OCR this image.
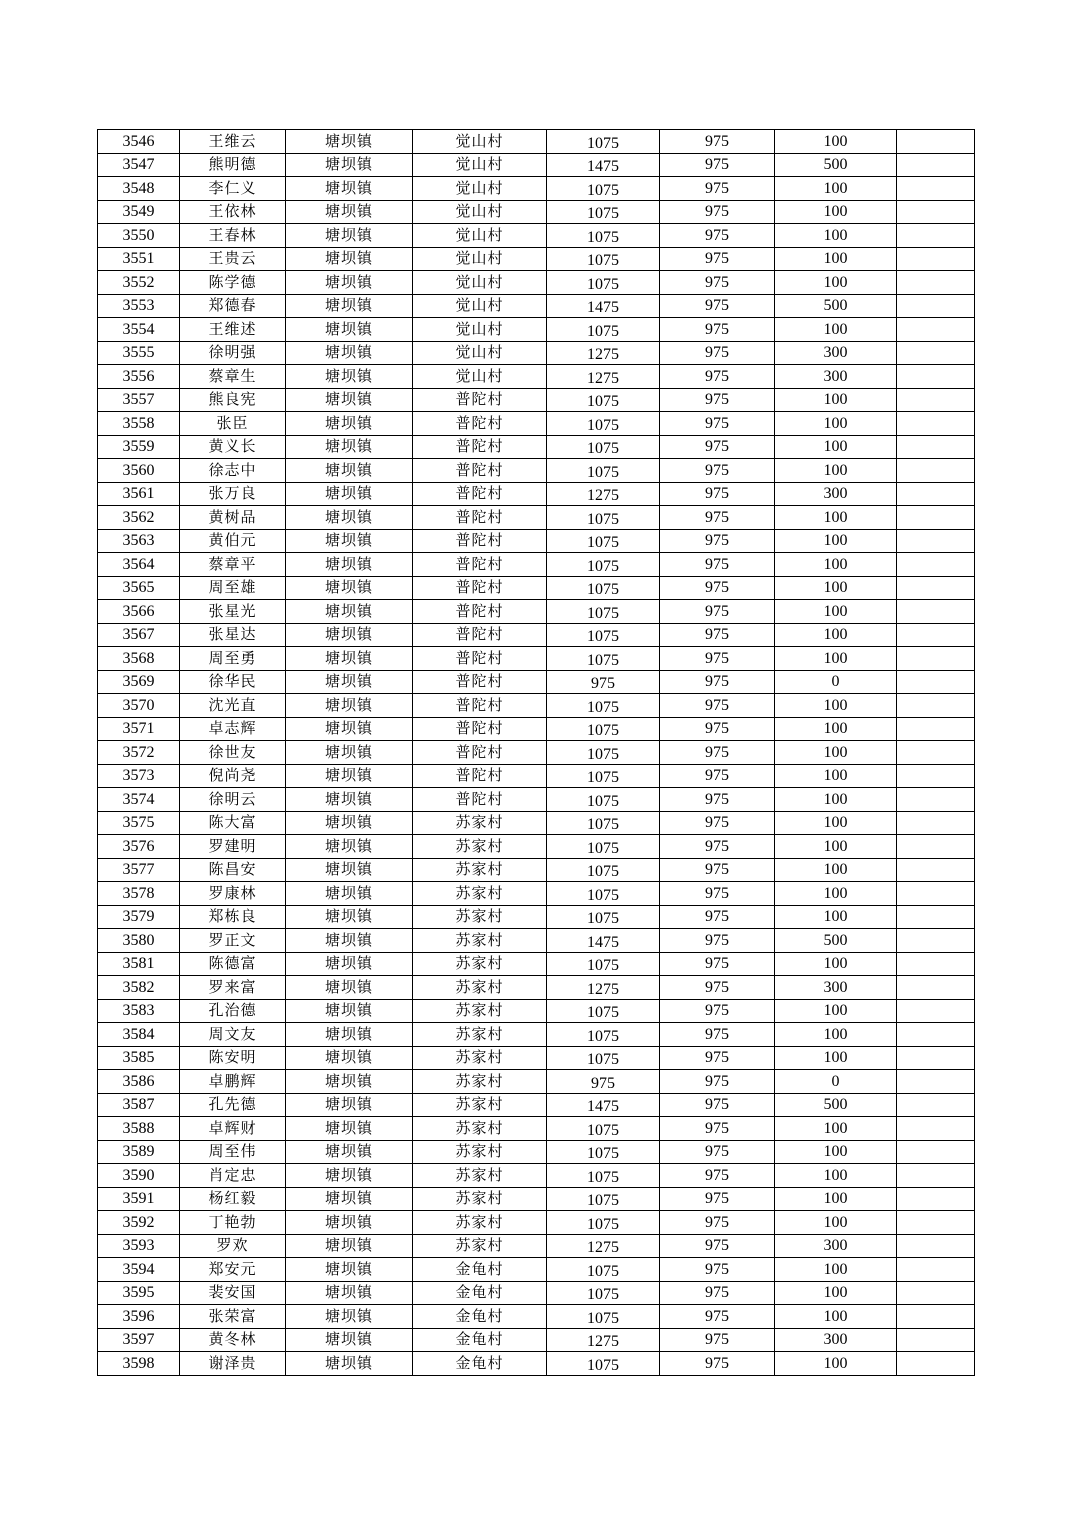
3546	王维云	塘坝镇	觉山村	1075	975	100	
3547	熊明德	塘坝镇	觉山村	1475	975	500	
3548	李仁义	塘坝镇	觉山村	1075	975	100	
3549	王依林	塘坝镇	觉山村	1075	975	100	
3550	王春林	塘坝镇	觉山村	1075	975	100	
3551	王贵云	塘坝镇	觉山村	1075	975	100	
3552	陈学德	塘坝镇	觉山村	1075	975	100	
3553	郑德春	塘坝镇	觉山村	1475	975	500	
3554	王维述	塘坝镇	觉山村	1075	975	100	
3555	徐明强	塘坝镇	觉山村	1275	975	300	
3556	蔡章生	塘坝镇	觉山村	1275	975	300	
3557	熊良宪	塘坝镇	普陀村	1075	975	100	
3558	张臣	塘坝镇	普陀村	1075	975	100	
3559	黄义长	塘坝镇	普陀村	1075	975	100	
3560	徐志中	塘坝镇	普陀村	1075	975	100	
3561	张万良	塘坝镇	普陀村	1275	975	300	
3562	黄树品	塘坝镇	普陀村	1075	975	100	
3563	黄伯元	塘坝镇	普陀村	1075	975	100	
3564	蔡章平	塘坝镇	普陀村	1075	975	100	
3565	周至雄	塘坝镇	普陀村	1075	975	100	
3566	张星光	塘坝镇	普陀村	1075	975	100	
3567	张星达	塘坝镇	普陀村	1075	975	100	
3568	周至勇	塘坝镇	普陀村	1075	975	100	
3569	徐华民	塘坝镇	普陀村	975	975	0	
3570	沈光直	塘坝镇	普陀村	1075	975	100	
3571	卓志辉	塘坝镇	普陀村	1075	975	100	
3572	徐世友	塘坝镇	普陀村	1075	975	100	
3573	倪尚尧	塘坝镇	普陀村	1075	975	100	
3574	徐明云	塘坝镇	普陀村	1075	975	100	
3575	陈大富	塘坝镇	苏家村	1075	975	100	
3576	罗建明	塘坝镇	苏家村	1075	975	100	
3577	陈昌安	塘坝镇	苏家村	1075	975	100	
3578	罗康林	塘坝镇	苏家村	1075	975	100	
3579	郑栋良	塘坝镇	苏家村	1075	975	100	
3580	罗正文	塘坝镇	苏家村	1475	975	500	
3581	陈德富	塘坝镇	苏家村	1075	975	100	
3582	罗来富	塘坝镇	苏家村	1275	975	300	
3583	孔治德	塘坝镇	苏家村	1075	975	100	
3584	周文友	塘坝镇	苏家村	1075	975	100	
3585	陈安明	塘坝镇	苏家村	1075	975	100	
3586	卓鹏辉	塘坝镇	苏家村	975	975	0	
3587	孔先德	塘坝镇	苏家村	1475	975	500	
3588	卓辉财	塘坝镇	苏家村	1075	975	100	
3589	周至伟	塘坝镇	苏家村	1075	975	100	
3590	肖定忠	塘坝镇	苏家村	1075	975	100	
3591	杨红毅	塘坝镇	苏家村	1075	975	100	
3592	丁艳勃	塘坝镇	苏家村	1075	975	100	
3593	罗欢	塘坝镇	苏家村	1275	975	300	
3594	郑安元	塘坝镇	金龟村	1075	975	100	
3595	裴安国	塘坝镇	金龟村	1075	975	100	
3596	张荣富	塘坝镇	金龟村	1075	975	100	
3597	黄冬林	塘坝镇	金龟村	1275	975	300	
3598	谢泽贵	塘坝镇	金龟村	1075	975	100	
